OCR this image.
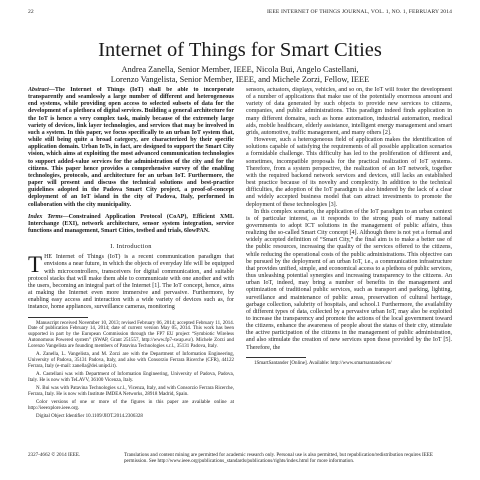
22	IEEE INTERNET OF THINGS JOURNAL, VOL. 1, NO. 1, FEBRUARY 2014
Internet of Things for Smart Cities
Andrea Zanella, Senior Member, IEEE, Nicola Bui, Angelo Castellani,
Lorenzo Vangelista, Senior Member, IEEE, and Michele Zorzi, Fellow, IEEE

Abstract—The Internet of Things (IoT) shall be able to incorporate transparently and seamlessly a large number of different and heterogeneous end systems, while providing open access to selected subsets of data for the development of a plethora of digital services. Building a general architecture for the IoT is hence a very complex task, mainly because of the extremely large variety of devices, link layer technologies, and services that may be involved in such a system. In this paper, we focus specifically to an urban IoT system that, while still being quite a broad category, are characterized by their specific application domain. Urban IoTs, in fact, are designed to support the Smart City vision, which aims at exploiting the most advanced communication technologies to support added-value services for the administration of the city and for the citizens. This paper hence provides a comprehensive survey of the enabling technologies, protocols, and architecture for an urban IoT. Furthermore, the paper will present and discuss the technical solutions and best-practice guidelines adopted in the Padova Smart City project, a proof-of-concept deployment of an IoT island in the city of Padova, Italy, performed in collaboration with the city municipality.

Index Terms—Constrained Application Protocol (CoAP), Efficient XML Interchange (EXI), network architecture, sensor system integration, service functions and management, Smart Cities, testbed and trials, 6lowPAN.

I. Introduction

THE Internet of Things (IoT) is a recent communication paradigm that envisions a near future, in which the objects of everyday life will be equipped with microcontrollers, transceivers for digital communication, and suitable protocol stacks that will make them able to communicate with one another and with the users, becoming an integral part of the Internet [1]. The IoT concept, hence, aims at making the Internet even more immersive and pervasive. Furthermore, by enabling easy access and interaction with a wide variety of devices such as, for instance, home appliances, surveillance cameras, monitoring

Manuscript received November 10, 2013; revised February 06, 2014; accepted February 11, 2014. Date of publication February 14, 2014; date of current version May 05, 2014. This work has been supported in part by the European Commission through the FP7 EU project “Symbiotic Wireless Autonomous Powered system” (SWAP, Grant 251557, http://www.fp7-swap.eu/). Michele Zorzi and Lorenzo Vangelista are founding members of Patavina Technologies s.r.l., 35131 Padova, Italy.

A. Zanella, L. Vangelista, and M. Zorzi are with the Department of Information Engineering, University of Padova, 35131 Padova, Italy, and also with Consorzio Ferrara Ricerche (CFR), 44122 Ferrara, Italy (e-mail: zanella@dei.unipd.it).

A. Castellani was with Department of Information Engineering, University of Padova, Padova, Italy. He is now with TeLAVV, 36100 Vicenza, Italy.

N. Bui was with Patavina Technologies s.r.l., Vicenza, Italy, and with Consorzio Ferrara Ricerche, Ferrara, Italy. He is now with Institute IMDEA Networks, 28918 Madrid, Spain.

Color versions of one or more of the figures in this paper are available online at http://ieeexplore.ieee.org.

Digital Object Identifier 10.1109/JIOT.2014.2306328

sensors, actuators, displays, vehicles, and so on, the IoT will foster the development of a number of applications that make use of the potentially enormous amount and variety of data generated by such objects to provide new services to citizens, companies, and public administrations. This paradigm indeed finds application in many different domains, such as home automation, industrial automation, medical aids, mobile healthcare, elderly assistance, intelligent energy management and smart grids, automotive, traffic management, and many others [2].

However, such a heterogeneous field of application makes the identification of solutions capable of satisfying the requirements of all possible application scenarios a formidable challenge. This difficulty has led to the proliferation of different and, sometimes, incompatible proposals for the practical realization of IoT systems. Therefore, from a system perspective, the realization of an IoT network, together with the required backend network services and devices, still lacks an established best practice because of its novelty and complexity. In addition to the technical difficulties, the adoption of the IoT paradigm is also hindered by the lack of a clear and widely accepted business model that can attract investments to promote the deployment of these technologies [3].

In this complex scenario, the application of the IoT paradigm to an urban context is of particular interest, as it responds to the strong push of many national governments to adopt ICT solutions in the management of public affairs, thus realizing the so-called Smart City concept [4]. Although there is not yet a formal and widely accepted definition of “Smart City,” the final aim is to make a better use of the public resources, increasing the quality of the services offered to the citizens, while reducing the operational costs of the public administrations. This objective can be pursued by the deployment of an urban IoT, i.e., a communication infrastructure that provides unified, simple, and economical access to a plethora of public services, thus unleashing potential synergies and increasing transparency to the citizens. An urban IoT, indeed, may bring a number of benefits in the management and optimization of traditional public services, such as transport and parking, lighting, surveillance and maintenance of public areas, preservation of cultural heritage, garbage collection, salubrity of hospitals, and school.1 Furthermore, the availability of different types of data, collected by a pervasive urban IoT, may also be exploited to increase the transparency and promote the actions of the local government toward the citizens, enhance the awareness of people about the status of their city, stimulate the active participation of the citizens in the management of public administration, and also stimulate the creation of new services upon those provided by the IoT [5]. Therefore, the

1SmartSantander [Online]. Available: http://www.smartsantander.eu/

2327-4662 © 2014 IEEE.	Translations and content mining are permitted for academic research only. Personal use is also permitted, but republication/redistribution requires IEEE permission. See http://www.ieee.org/publications_standards/publications/rights/index.html for more information.
